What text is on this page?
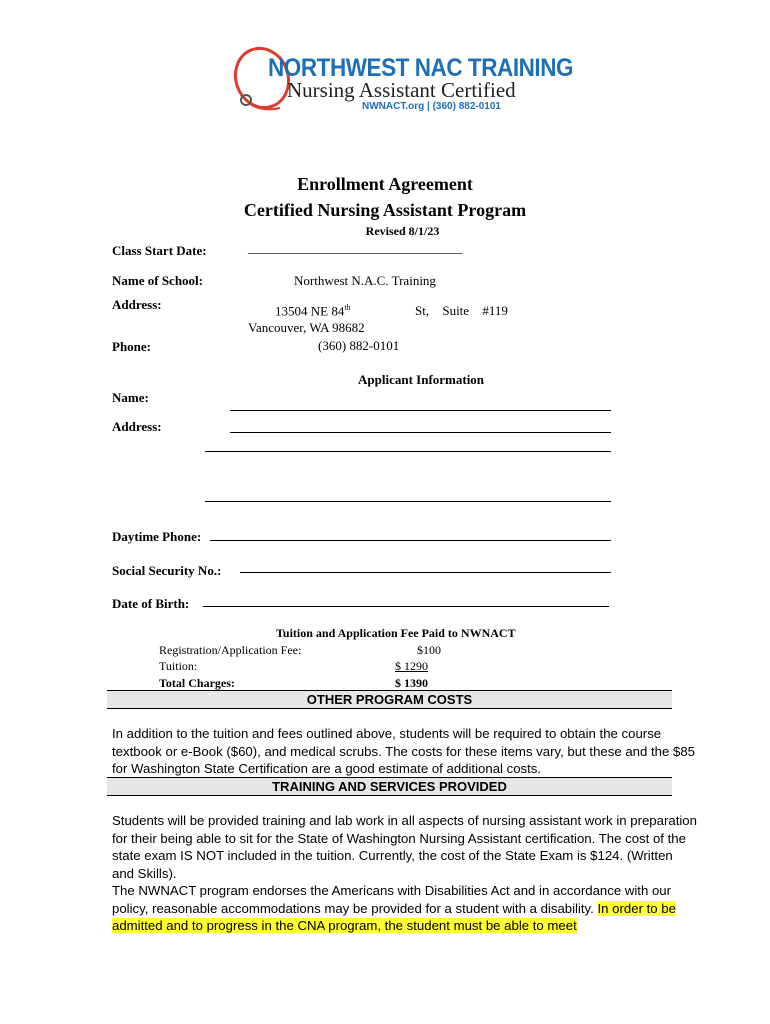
NORTHWEST NAC TRAINING
Nursing Assistant Certified
NWNACT.org | (360) 882-0101
Enrollment Agreement
Certified Nursing Assistant Program
Revised 8/1/23
Class Start Date:	_________________________________
Name of School:	Northwest N.A.C. Training
Address:	13504 NE 84th	St, Suite #119
Vancouver, WA 98682
Phone:	(360) 882-0101
Applicant Information
Name:
Address:
Daytime Phone:
Social Security No.:
Date of Birth:
Tuition and Application Fee Paid to NWNACT
Registration/Application Fee:	$100
Tuition:	$ 1290
Total Charges:	$ 1390
OTHER PROGRAM COSTS
In addition to the tuition and fees outlined above, students will be required to obtain the course textbook or e-Book ($60), and medical scrubs. The costs for these items vary, but these and the $85 for Washington State Certification are a good estimate of additional costs.
TRAINING AND SERVICES PROVIDED
Students will be provided training and lab work in all aspects of nursing assistant work in preparation for their being able to sit for the State of Washington Nursing Assistant certification. The cost of the state exam IS NOT included in the tuition. Currently, the cost of the State Exam is $124. (Written and Skills).
The NWNACT program endorses the Americans with Disabilities Act and in accordance with our policy, reasonable accommodations may be provided for a student with a disability. In order to be admitted and to progress in the CNA program, the student must be able to meet
